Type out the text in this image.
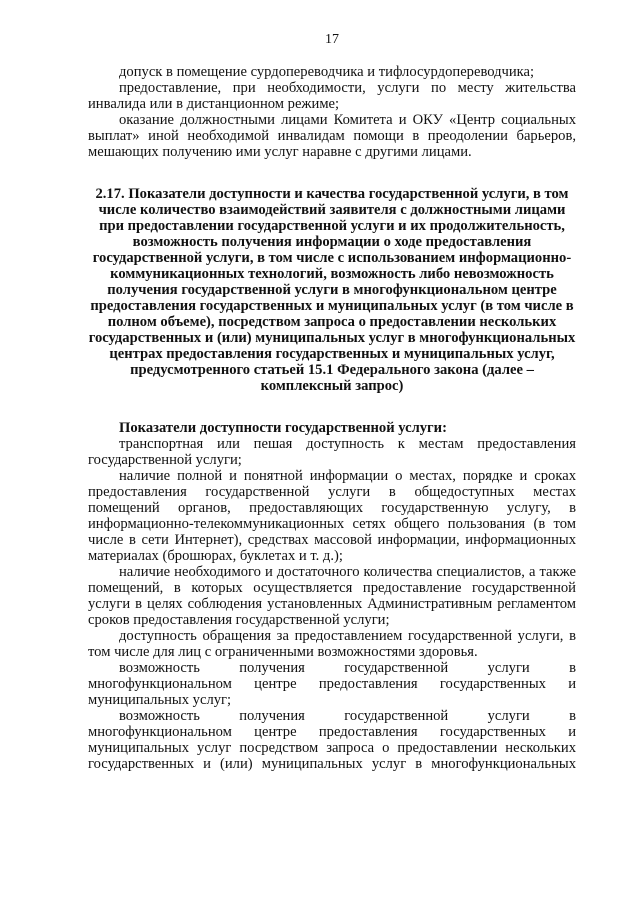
17

допуск в помещение сурдопереводчика и тифлосурдопереводчика;

предоставление, при необходимости, услуги по месту жительства инвалида или в дистанционном режиме;

оказание должностными лицами Комитета и ОКУ «Центр социальных выплат» иной необходимой инвалидам помощи в преодолении барьеров, мешающих получению ими услуг наравне с другими лицами.

2.17. Показатели доступности и качества государственной услуги, в том числе количество взаимодействий заявителя с должностными лицами при предоставлении государственной услуги и их продолжительность, возможность получения информации о ходе предоставления государственной услуги, в том числе с использованием информационно-коммуникационных технологий, возможность либо невозможность получения государственной услуги в многофункциональном центре предоставления государственных и муниципальных услуг (в том числе в полном объеме), посредством запроса о предоставлении нескольких государственных и (или) муниципальных услуг в многофункциональных центрах предоставления государственных и муниципальных услуг, предусмотренного статьей 15.1 Федерального закона (далее – комплексный запрос)

Показатели доступности государственной услуги:

транспортная или пешая доступность к местам предоставления государственной услуги;

наличие полной и понятной информации о местах, порядке и сроках предоставления государственной услуги в общедоступных местах помещений органов, предоставляющих государственную услугу, в информационно-телекоммуникационных сетях общего пользования (в том числе в сети Интернет), средствах массовой информации, информационных материалах (брошюрах, буклетах и т. д.);

наличие необходимого и достаточного количества специалистов, а также помещений, в которых осуществляется предоставление государственной услуги в целях соблюдения установленных Административным регламентом сроков предоставления государственной услуги;

доступность обращения за предоставлением государственной услуги, в том числе для лиц с ограниченными возможностями здоровья.

возможность получения государственной услуги в многофункциональном центре предоставления государственных и муниципальных услуг;

возможность получения государственной услуги в многофункциональном центре предоставления государственных и муниципальных услуг посредством запроса о предоставлении нескольких государственных и (или) муниципальных услуг в многофункциональных
